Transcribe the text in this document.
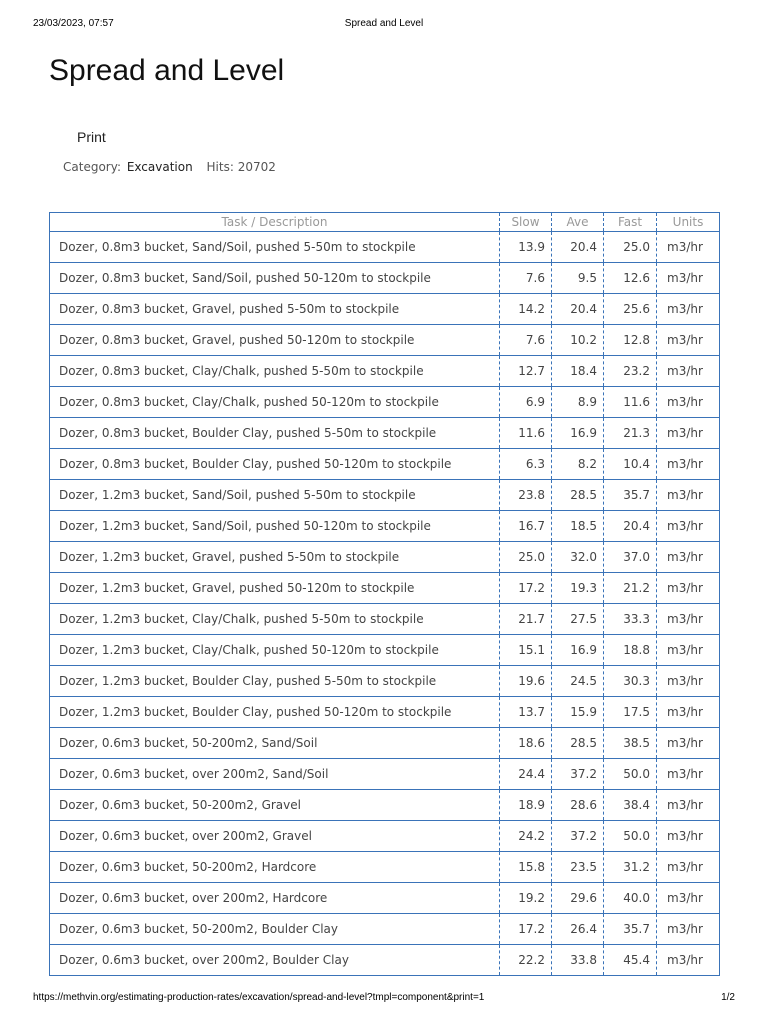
23/03/2023, 07:57	Spread and Level
Spread and Level
Print
Category: Excavation Hits: 20702
Task / Description	Slow	Ave	Fast	Units
Dozer, 0.8m3 bucket, Sand/Soil, pushed 5-50m to stockpile	13.9	20.4	25.0	m3/hr
Dozer, 0.8m3 bucket, Sand/Soil, pushed 50-120m to stockpile	7.6	9.5	12.6	m3/hr
Dozer, 0.8m3 bucket, Gravel, pushed 5-50m to stockpile	14.2	20.4	25.6	m3/hr
Dozer, 0.8m3 bucket, Gravel, pushed 50-120m to stockpile	7.6	10.2	12.8	m3/hr
Dozer, 0.8m3 bucket, Clay/Chalk, pushed 5-50m to stockpile	12.7	18.4	23.2	m3/hr
Dozer, 0.8m3 bucket, Clay/Chalk, pushed 50-120m to stockpile	6.9	8.9	11.6	m3/hr
Dozer, 0.8m3 bucket, Boulder Clay, pushed 5-50m to stockpile	11.6	16.9	21.3	m3/hr
Dozer, 0.8m3 bucket, Boulder Clay, pushed 50-120m to stockpile	6.3	8.2	10.4	m3/hr
Dozer, 1.2m3 bucket, Sand/Soil, pushed 5-50m to stockpile	23.8	28.5	35.7	m3/hr
Dozer, 1.2m3 bucket, Sand/Soil, pushed 50-120m to stockpile	16.7	18.5	20.4	m3/hr
Dozer, 1.2m3 bucket, Gravel, pushed 5-50m to stockpile	25.0	32.0	37.0	m3/hr
Dozer, 1.2m3 bucket, Gravel, pushed 50-120m to stockpile	17.2	19.3	21.2	m3/hr
Dozer, 1.2m3 bucket, Clay/Chalk, pushed 5-50m to stockpile	21.7	27.5	33.3	m3/hr
Dozer, 1.2m3 bucket, Clay/Chalk, pushed 50-120m to stockpile	15.1	16.9	18.8	m3/hr
Dozer, 1.2m3 bucket, Boulder Clay, pushed 5-50m to stockpile	19.6	24.5	30.3	m3/hr
Dozer, 1.2m3 bucket, Boulder Clay, pushed 50-120m to stockpile	13.7	15.9	17.5	m3/hr
Dozer, 0.6m3 bucket, 50-200m2, Sand/Soil	18.6	28.5	38.5	m3/hr
Dozer, 0.6m3 bucket, over 200m2, Sand/Soil	24.4	37.2	50.0	m3/hr
Dozer, 0.6m3 bucket, 50-200m2, Gravel	18.9	28.6	38.4	m3/hr
Dozer, 0.6m3 bucket, over 200m2, Gravel	24.2	37.2	50.0	m3/hr
Dozer, 0.6m3 bucket, 50-200m2, Hardcore	15.8	23.5	31.2	m3/hr
Dozer, 0.6m3 bucket, over 200m2, Hardcore	19.2	29.6	40.0	m3/hr
Dozer, 0.6m3 bucket, 50-200m2, Boulder Clay	17.2	26.4	35.7	m3/hr
Dozer, 0.6m3 bucket, over 200m2, Boulder Clay	22.2	33.8	45.4	m3/hr
https://methvin.org/estimating-production-rates/excavation/spread-and-level?tmpl=component&print=1	1/2
